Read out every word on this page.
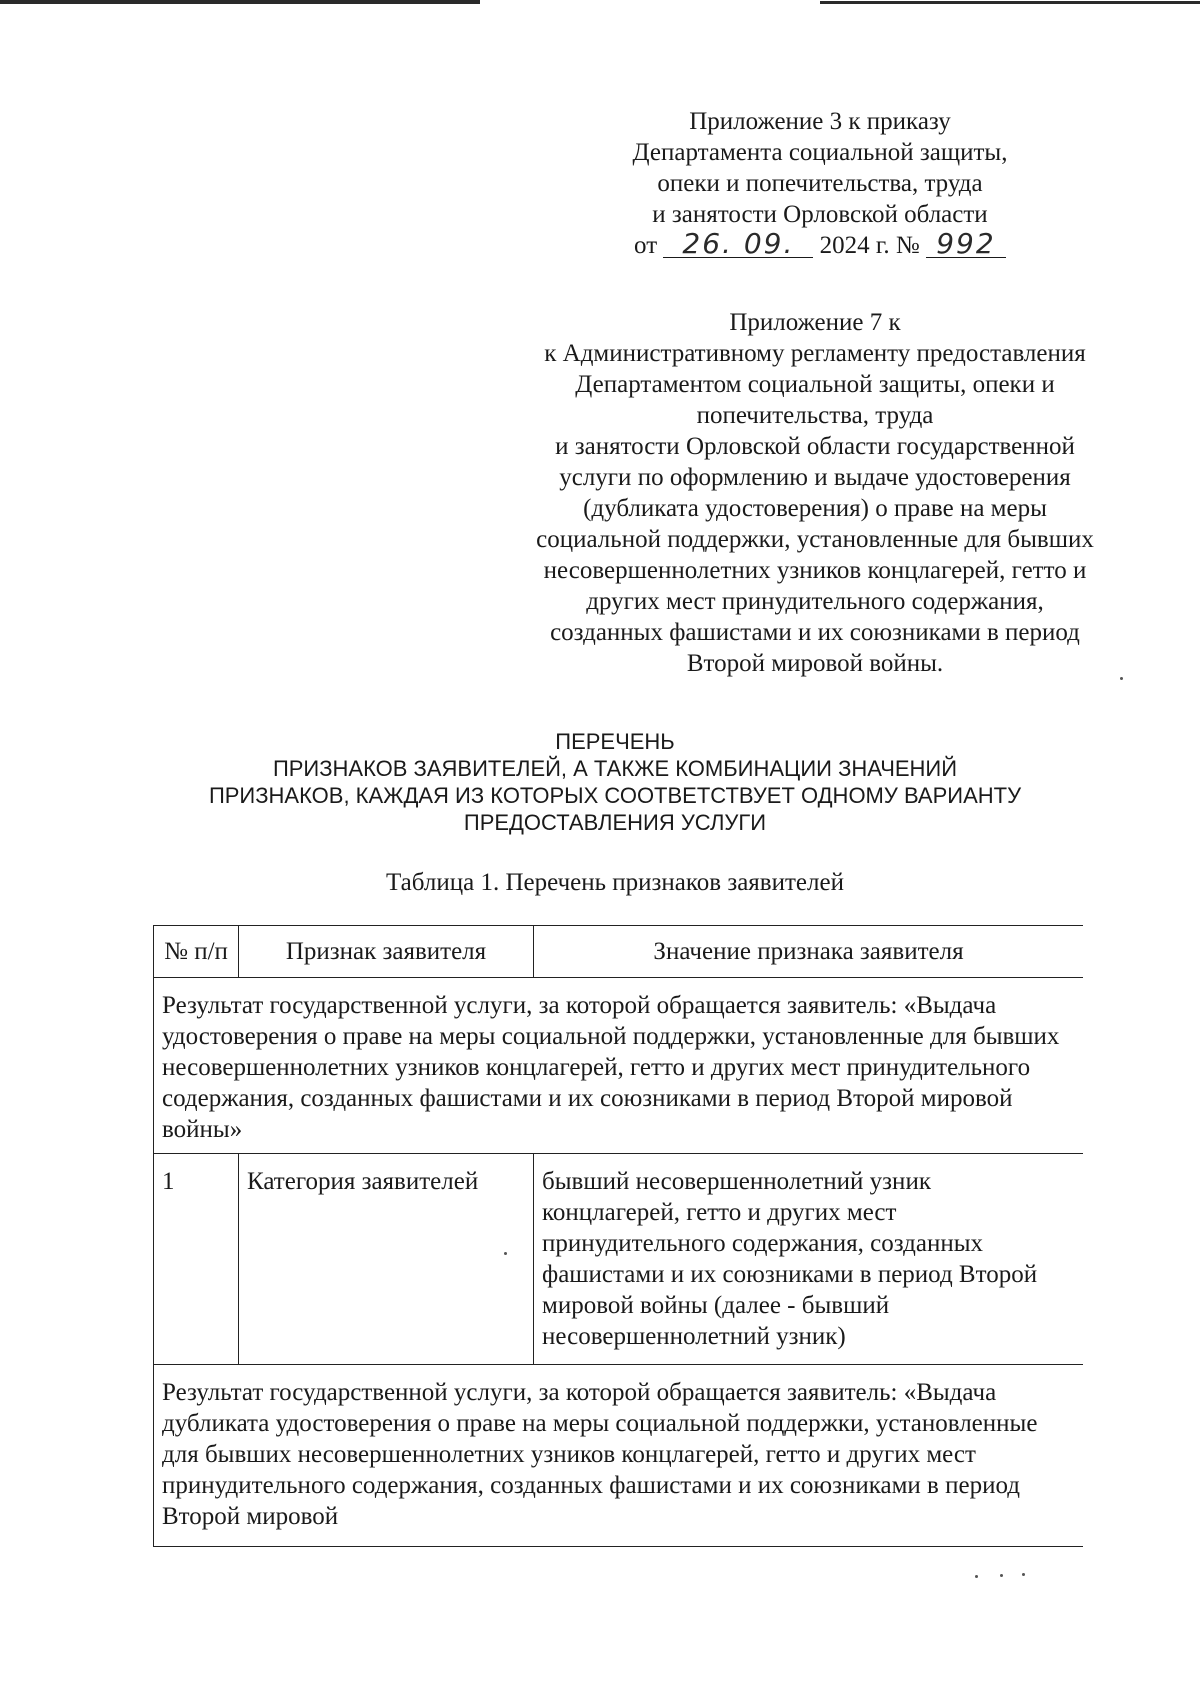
Приложение 3 к приказу
Департамента социальной защиты,
опеки и попечительства, труда
и занятости Орловской области
от 26. 09. 2024 г. № 992
Приложение 7 к
к Административному регламенту предоставления
Департаментом социальной защиты, опеки и
попечительства, труда
и занятости Орловской области государственной
услуги по оформлению и выдаче удостоверения
(дубликата удостоверения) о праве на меры
социальной поддержки, установленные для бывших
несовершеннолетних узников концлагерей, гетто и
других мест принудительного содержания,
созданных фашистами и их союзниками в период
Второй мировой войны.
ПЕРЕЧЕНЬ
ПРИЗНАКОВ ЗАЯВИТЕЛЕЙ, А ТАКЖЕ КОМБИНАЦИИ ЗНАЧЕНИЙ
ПРИЗНАКОВ, КАЖДАЯ ИЗ КОТОРЫХ СООТВЕТСТВУЕТ ОДНОМУ ВАРИАНТУ
ПРЕДОСТАВЛЕНИЯ УСЛУГИ
Таблица 1. Перечень признаков заявителей
№ п/п	Признак заявителя	Значение признака заявителя
Результат государственной услуги, за которой обращается заявитель: «Выдача удостоверения о праве на меры социальной поддержки, установленные для бывших несовершеннолетних узников концлагерей, гетто и других мест принудительного содержания, созданных фашистами и их союзниками в период Второй мировой войны»		
1	Категория заявителей	бывший несовершеннолетний узник концлагерей, гетто и других мест принудительного содержания, созданных фашистами и их союзниками в период Второй мировой войны (далее - бывший несовершеннолетний узник)
Результат государственной услуги, за которой обращается заявитель: «Выдача дубликата удостоверения о праве на меры социальной поддержки, установленные для бывших несовершеннолетних узников концлагерей, гетто и других мест принудительного содержания, созданных фашистами и их союзниками в период Второй мировой		
